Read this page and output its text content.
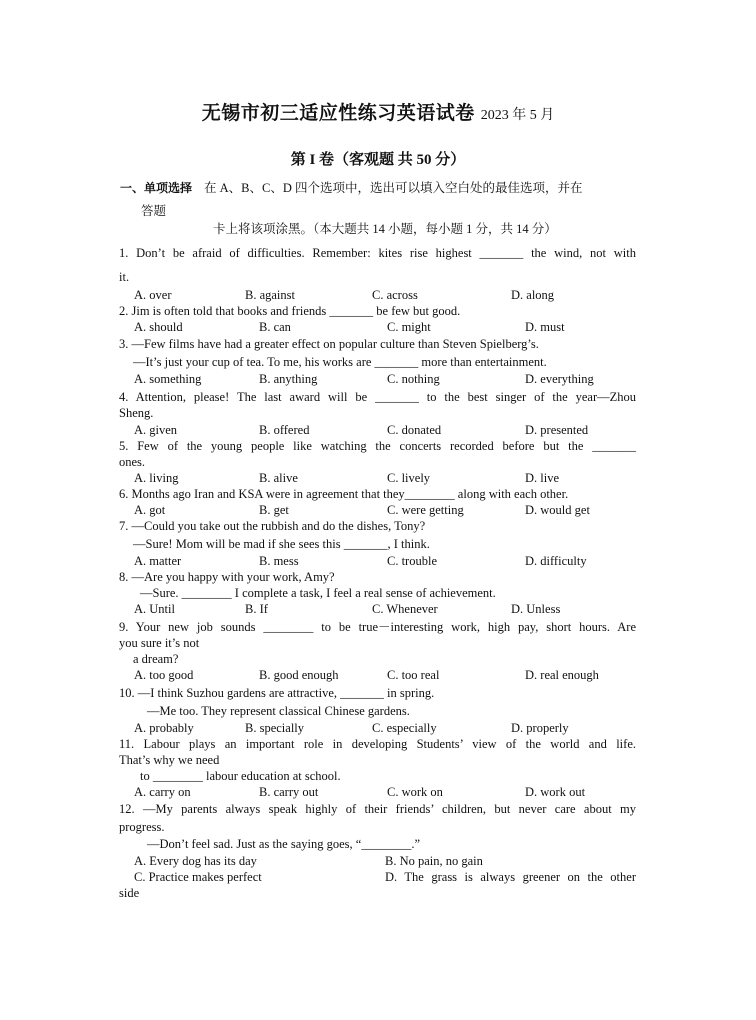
无锡市初三适应性练习英语试卷 2023 年 5 月
第 I 卷（客观题 共 50 分）
一、单项选择 在 A、B、C、D 四个选项中，选出可以填入空白处的最佳选项，并在
答题
卡上将该项涂黑。（本大题共 14 小题，每小题 1 分，共 14 分）
1. Don’t be afraid of difficulties. Remember: kites rise highest _______ the wind, not with
it.
A. over	B. against	C. across	D. along
2. Jim is often told that books and friends _______ be few but good.
A. should	B. can	C. might	D. must
3. —Few films have had a greater effect on popular culture than Steven Spielberg’s.
—It’s just your cup of tea. To me, his works are _______ more than entertainment.
A. something	B. anything	C. nothing	D. everything
4. Attention, please! The last award will be _______ to the best singer of the year—Zhou
Sheng.
A. given	B. offered	C. donated	D. presented
5. Few of the young people like watching the concerts recorded before but the _______
ones.
A. living	B. alive	C. lively	D. live
6. Months ago Iran and KSA were in agreement that they________ along with each other.
A. got	B. get	C. were getting	D. would get
7. —Could you take out the rubbish and do the dishes, Tony?
—Sure! Mom will be mad if she sees this _______, I think.
A. matter	B. mess	C. trouble	D. difficulty
8. —Are you happy with your work, Amy?
—Sure. ________ I complete a task, I feel a real sense of achievement.
A. Until	B. If	C. Whenever	D. Unless
9. Your new job sounds ________ to be true－interesting work, high pay, short hours. Are
you sure it’s not
a dream?
A. too good	B. good enough	C. too real	D. real enough
10. —I think Suzhou gardens are attractive, _______ in spring.
—Me too. They represent classical Chinese gardens.
A. probably	B. specially	C. especially	D. properly
11. Labour plays an important role in developing Students’ view of the world and life.
That’s why we need
to ________ labour education at school.
A. carry on	B. carry out	C. work on	D. work out
12. —My parents always speak highly of their friends’ children, but never care about my
progress.
—Don’t feel sad. Just as the saying goes, “________.”
A. Every dog has its day	B. No pain, no gain
C. Practice makes perfect	D. The grass is always greener on the other
side
